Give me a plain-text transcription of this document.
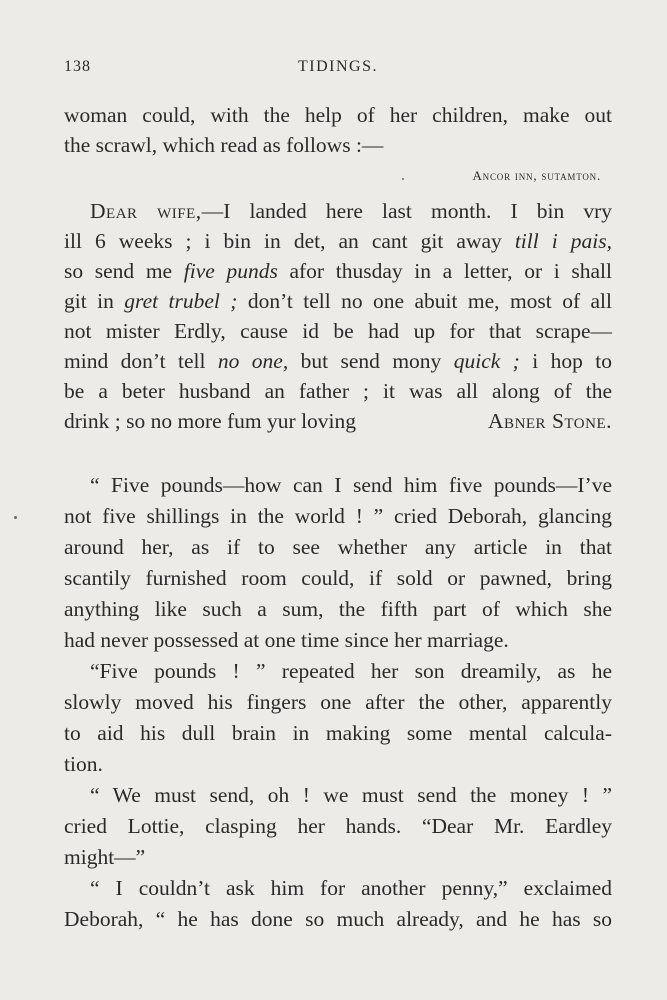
138	TIDINGS.
woman could, with the help of her children, make out
the scrawl, which read as follows :—
Ancor inn, sutamton.
Dear wife,—I landed here last month. I bin vry
ill 6 weeks ; i bin in det, an cant git away till i pais,
so send me five punds afor thusday in a letter, or i shall
git in gret trubel ; don’t tell no one abuit me, most of all
not mister Erdly, cause id be had up for that scrape—
mind don’t tell no one, but send mony quick ; i hop to
be a beter husband an father ; it was all along of the
drink ; so no more fum yur loving	Abner Stone.
“ Five pounds—how can I send him five pounds—I’ve
not five shillings in the world ! ” cried Deborah, glancing
around her, as if to see whether any article in that
scantily furnished room could, if sold or pawned, bring
anything like such a sum, the fifth part of which she
had never possessed at one time since her marriage.
“Five pounds ! ” repeated her son dreamily, as he
slowly moved his fingers one after the other, apparently
to aid his dull brain in making some mental calcula-
tion.
“ We must send, oh ! we must send the money ! ”
cried Lottie, clasping her hands. “Dear Mr. Eardley
might—”
“ I couldn’t ask him for another penny,” exclaimed
Deborah, “ he has done so much already, and he has so
